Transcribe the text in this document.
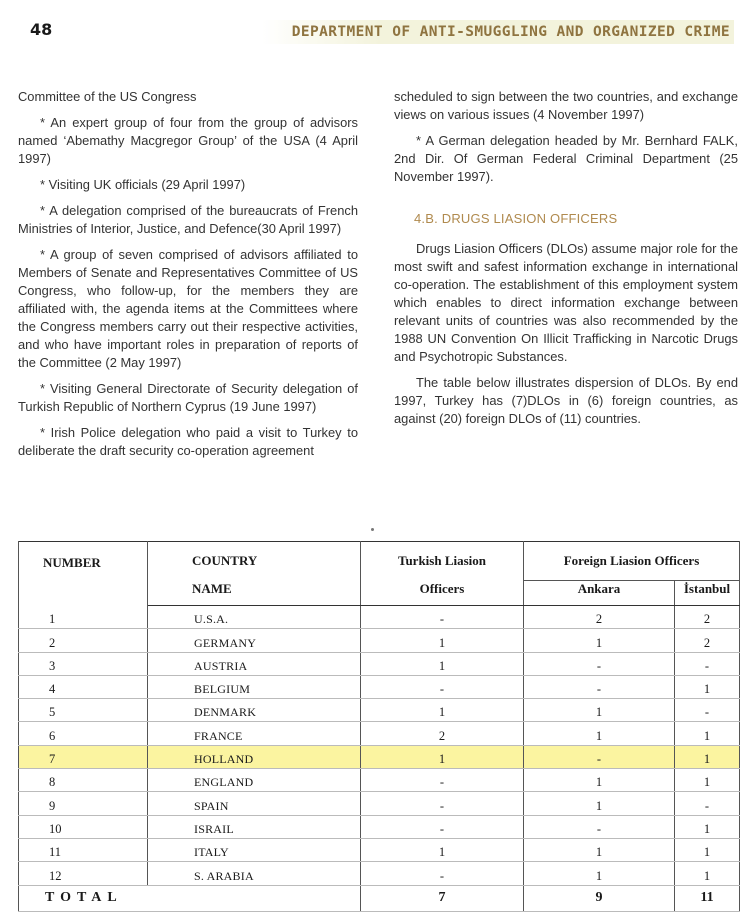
48	DEPARTMENT OF ANTI-SMUGGLING AND ORGANIZED CRIME

Committee of the US Congress

* An expert group of four from the group of advisors named ‘Abemathy Macgregor Group’ of the USA (4 April 1997)

* Visiting UK officials (29 April 1997)

* A delegation comprised of the bureaucrats of French Ministries of Interior, Justice, and Defence(30 April 1997)

* A group of seven comprised of advisors affiliated to Members of Senate and Representatives Committee of US Congress, who follow-up, for the members they are affiliated with, the agenda items at the Committees where the Congress members carry out their respective activities, and who have important roles in preparation of reports of the Committee (2 May 1997)

* Visiting General Directorate of Security delegation of Turkish Republic of Northern Cyprus (19 June 1997)

* Irish Police delegation who paid a visit to Turkey to deliberate the draft security co-operation agreement

scheduled to sign between the two countries, and exchange views on various issues (4 November 1997)

* A German delegation headed by Mr. Bernhard FALK, 2nd Dir. Of German Federal Criminal Department (25 November 1997).

4.B. DRUGS LIASION OFFICERS

Drugs Liasion Officers (DLOs) assume major role for the most swift and safest information exchange in international co-operation. The establishment of this employment system which enables to direct information exchange between relevant units of countries was also recommended by the 1988 UN Convention On Illicit Trafficking in Narcotic Drugs and Psychotropic Substances.

The table below illustrates dispersion of DLOs. By end 1997, Turkey has (7)DLOs in (6) foreign countries, as against (20) foreign DLOs of (11) countries.

NUMBER	COUNTRY	Turkish Liasion	Foreign Liasion Officers	
	NAME	Officers	Ankara	İstanbul
1	U.S.A.	-	2	2
2	GERMANY	1	1	2
3	AUSTRIA	1	-	-
4	BELGIUM	-	-	1
5	DENMARK	1	1	-
6	FRANCE	2	1	1
7	HOLLAND	1	-	1
8	ENGLAND	-	1	1
9	SPAIN	-	1	-
10	ISRAIL	-	-	1
11	ITALY	1	1	1
12	S. ARABIA	-	1	1
TOTAL		7	9	11
